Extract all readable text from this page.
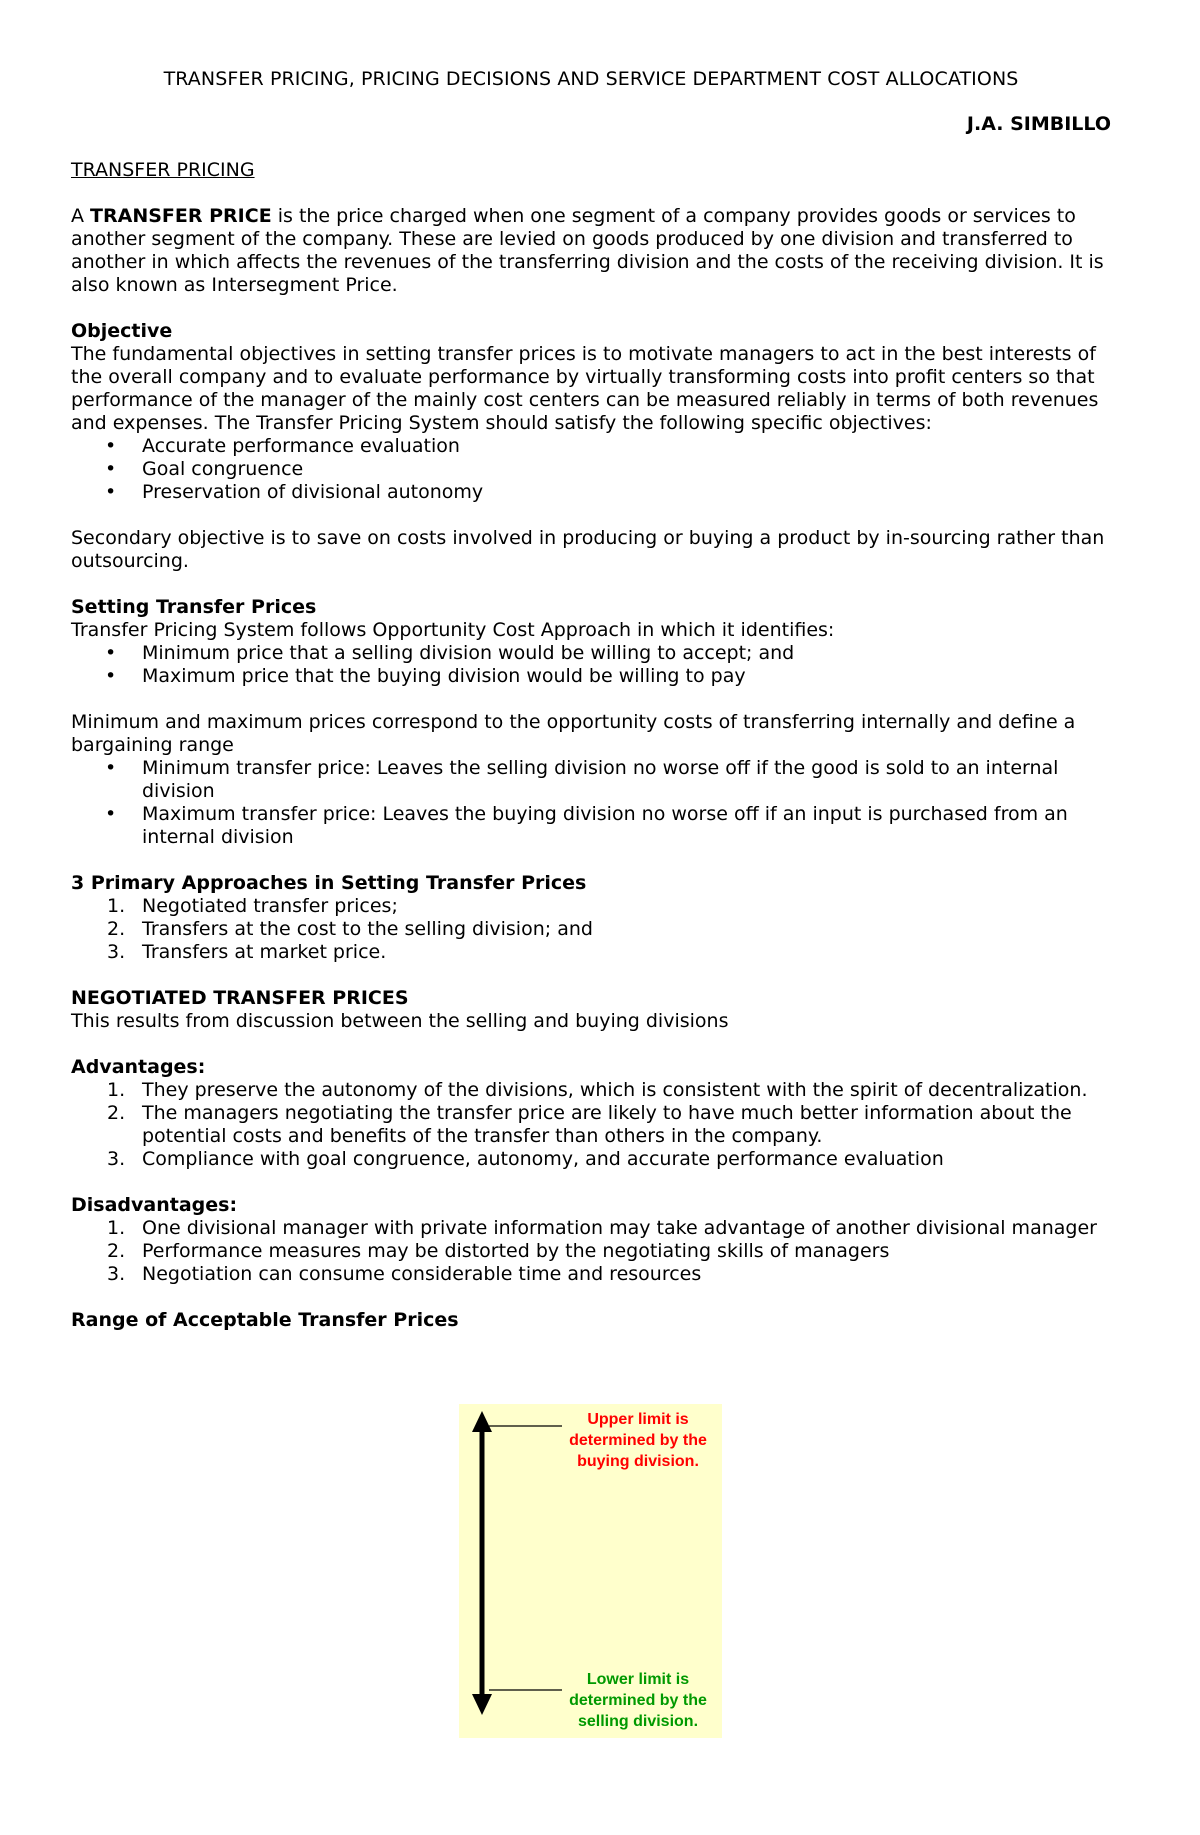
TRANSFER PRICING, PRICING DECISIONS AND SERVICE DEPARTMENT COST ALLOCATIONS

J.A. SIMBILLO

TRANSFER PRICING

A TRANSFER PRICE is the price charged when one segment of a company provides goods or services to another segment of the company. These are levied on goods produced by one division and transferred to another in which affects the revenues of the transferring division and the costs of the receiving division. It is also known as Intersegment Price.

Objective

The fundamental objectives in setting transfer prices is to motivate managers to act in the best interests of the overall company and to evaluate performance by virtually transforming costs into profit centers so that performance of the manager of the mainly cost centers can be measured reliably in terms of both revenues and expenses. The Transfer Pricing System should satisfy the following specific objectives:

• Accurate performance evaluation
• Goal congruence
• Preservation of divisional autonomy

Secondary objective is to save on costs involved in producing or buying a product by in-sourcing rather than outsourcing.

Setting Transfer Prices

Transfer Pricing System follows Opportunity Cost Approach in which it identifies:

• Minimum price that a selling division would be willing to accept; and
• Maximum price that the buying division would be willing to pay

Minimum and maximum prices correspond to the opportunity costs of transferring internally and define a bargaining range

• Minimum transfer price: Leaves the selling division no worse off if the good is sold to an internal division
• Maximum transfer price: Leaves the buying division no worse off if an input is purchased from an internal division

3 Primary Approaches in Setting Transfer Prices

1. Negotiated transfer prices;
2. Transfers at the cost to the selling division; and
3. Transfers at market price.

NEGOTIATED TRANSFER PRICES

This results from discussion between the selling and buying divisions

Advantages:

1. They preserve the autonomy of the divisions, which is consistent with the spirit of decentralization.
2. The managers negotiating the transfer price are likely to have much better information about the potential costs and benefits of the transfer than others in the company.
3. Compliance with goal congruence, autonomy, and accurate performance evaluation

Disadvantages:

1. One divisional manager with private information may take advantage of another divisional manager
2. Performance measures may be distorted by the negotiating skills of managers
3. Negotiation can consume considerable time and resources

Range of Acceptable Transfer Prices

Upper limit is determined by the buying division.
Lower limit is determined by the selling division.
